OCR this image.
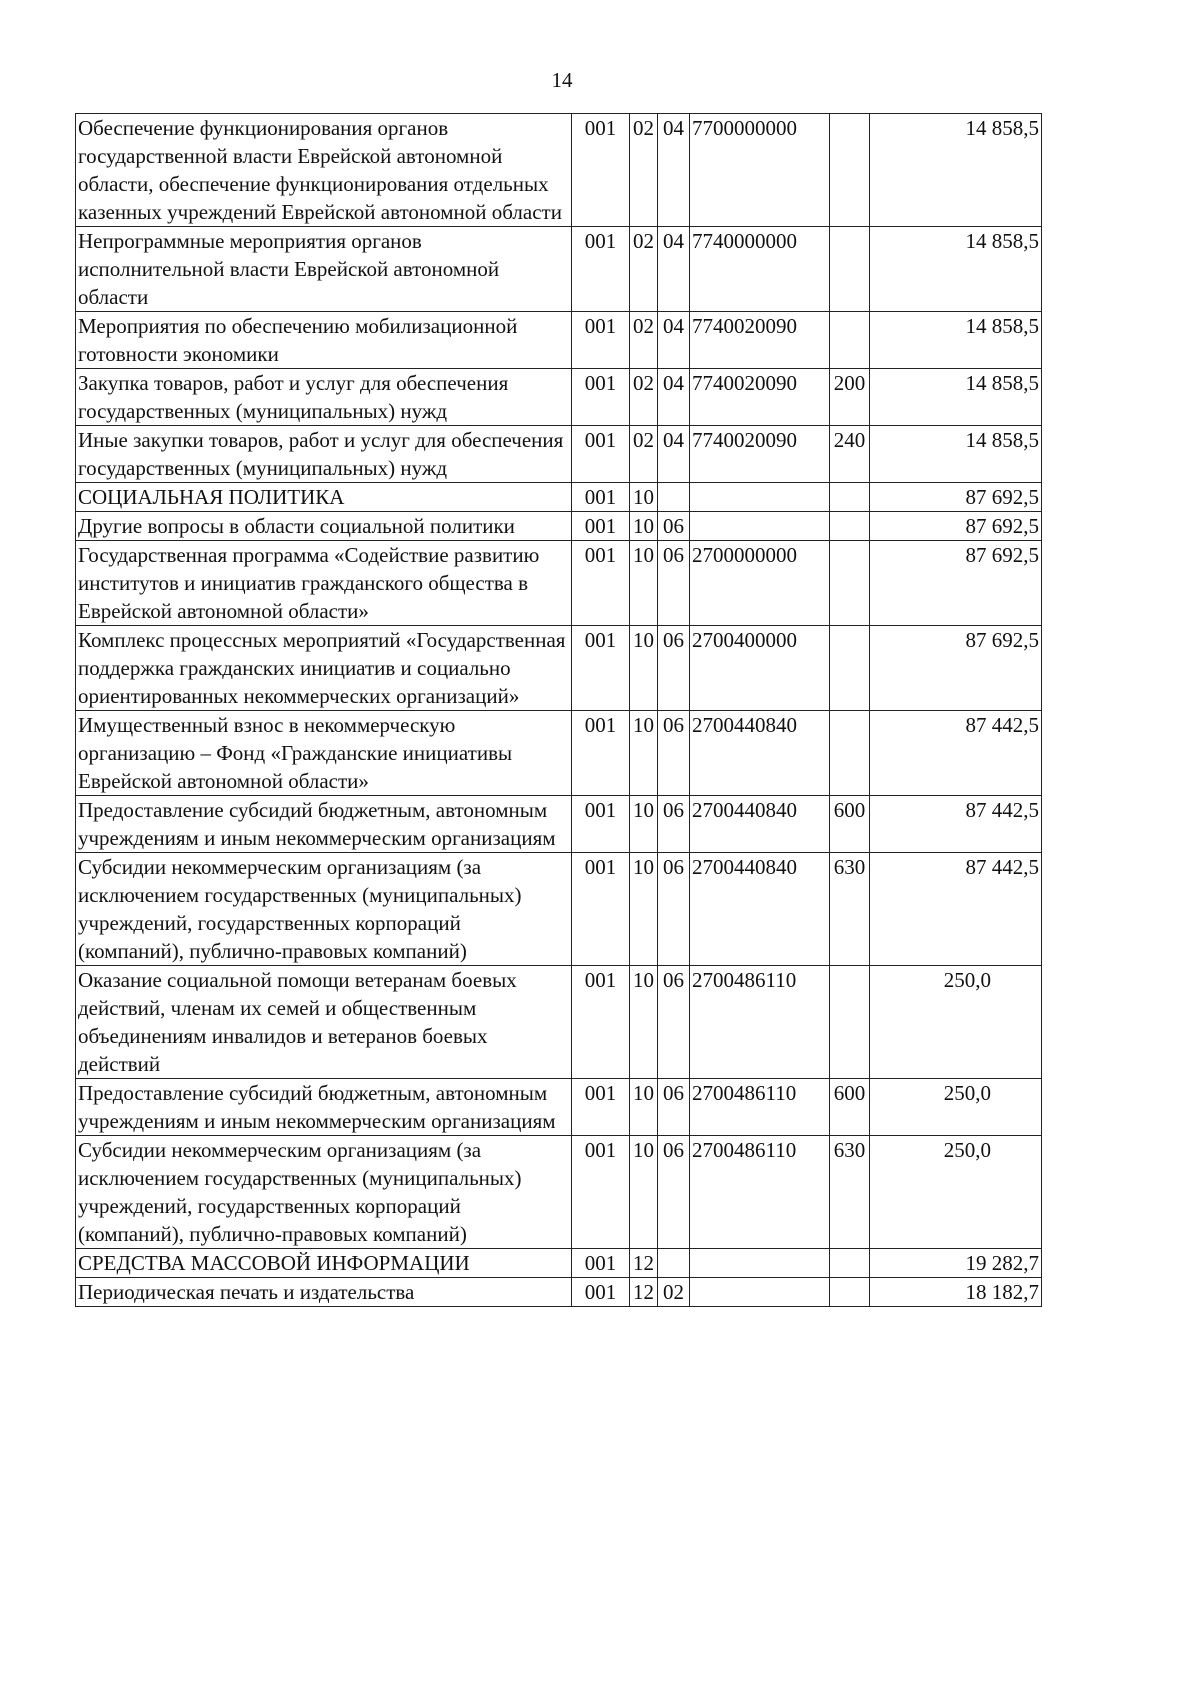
14
Обеспечение функционирования органов государственной власти Еврейской автономной области, обеспечение функционирования отдельных казенных учреждений Еврейской автономной области	001	02	04	7700000000		14 858,5
Непрограммные мероприятия органов исполнительной власти Еврейской автономной области	001	02	04	7740000000		14 858,5
Мероприятия по обеспечению мобилизационной готовности экономики	001	02	04	7740020090		14 858,5
Закупка товаров, работ и услуг для обеспечения государственных (муниципальных) нужд	001	02	04	7740020090	200	14 858,5
Иные закупки товаров, работ и услуг для обеспечения государственных (муниципальных) нужд	001	02	04	7740020090	240	14 858,5
СОЦИАЛЬНАЯ ПОЛИТИКА	001	10				87 692,5
Другие вопросы в области социальной политики	001	10	06			87 692,5
Государственная программа «Содействие развитию институтов и инициатив гражданского общества в Еврейской автономной области»	001	10	06	2700000000		87 692,5
Комплекс процессных мероприятий «Государственная поддержка гражданских инициатив и социально ориентированных некоммерческих организаций»	001	10	06	2700400000		87 692,5
Имущественный взнос в некоммерческую организацию – Фонд «Гражданские инициативы Еврейской автономной области»	001	10	06	2700440840		87 442,5
Предоставление субсидий бюджетным, автономным учреждениям и иным некоммерческим организациям	001	10	06	2700440840	600	87 442,5
Субсидии некоммерческим организациям (за исключением государственных (муниципальных) учреждений, государственных корпораций (компаний), публично-правовых компаний)	001	10	06	2700440840	630	87 442,5
Оказание социальной помощи ветеранам боевых действий, членам их семей и общественным объединениям инвалидов и ветеранов боевых действий	001	10	06	2700486110		250,0
Предоставление субсидий бюджетным, автономным учреждениям и иным некоммерческим организациям	001	10	06	2700486110	600	250,0
Субсидии некоммерческим организациям (за исключением государственных (муниципальных) учреждений, государственных корпораций (компаний), публично-правовых компаний)	001	10	06	2700486110	630	250,0
СРЕДСТВА МАССОВОЙ ИНФОРМАЦИИ	001	12				19 282,7
Периодическая печать и издательства	001	12	02			18 182,7
